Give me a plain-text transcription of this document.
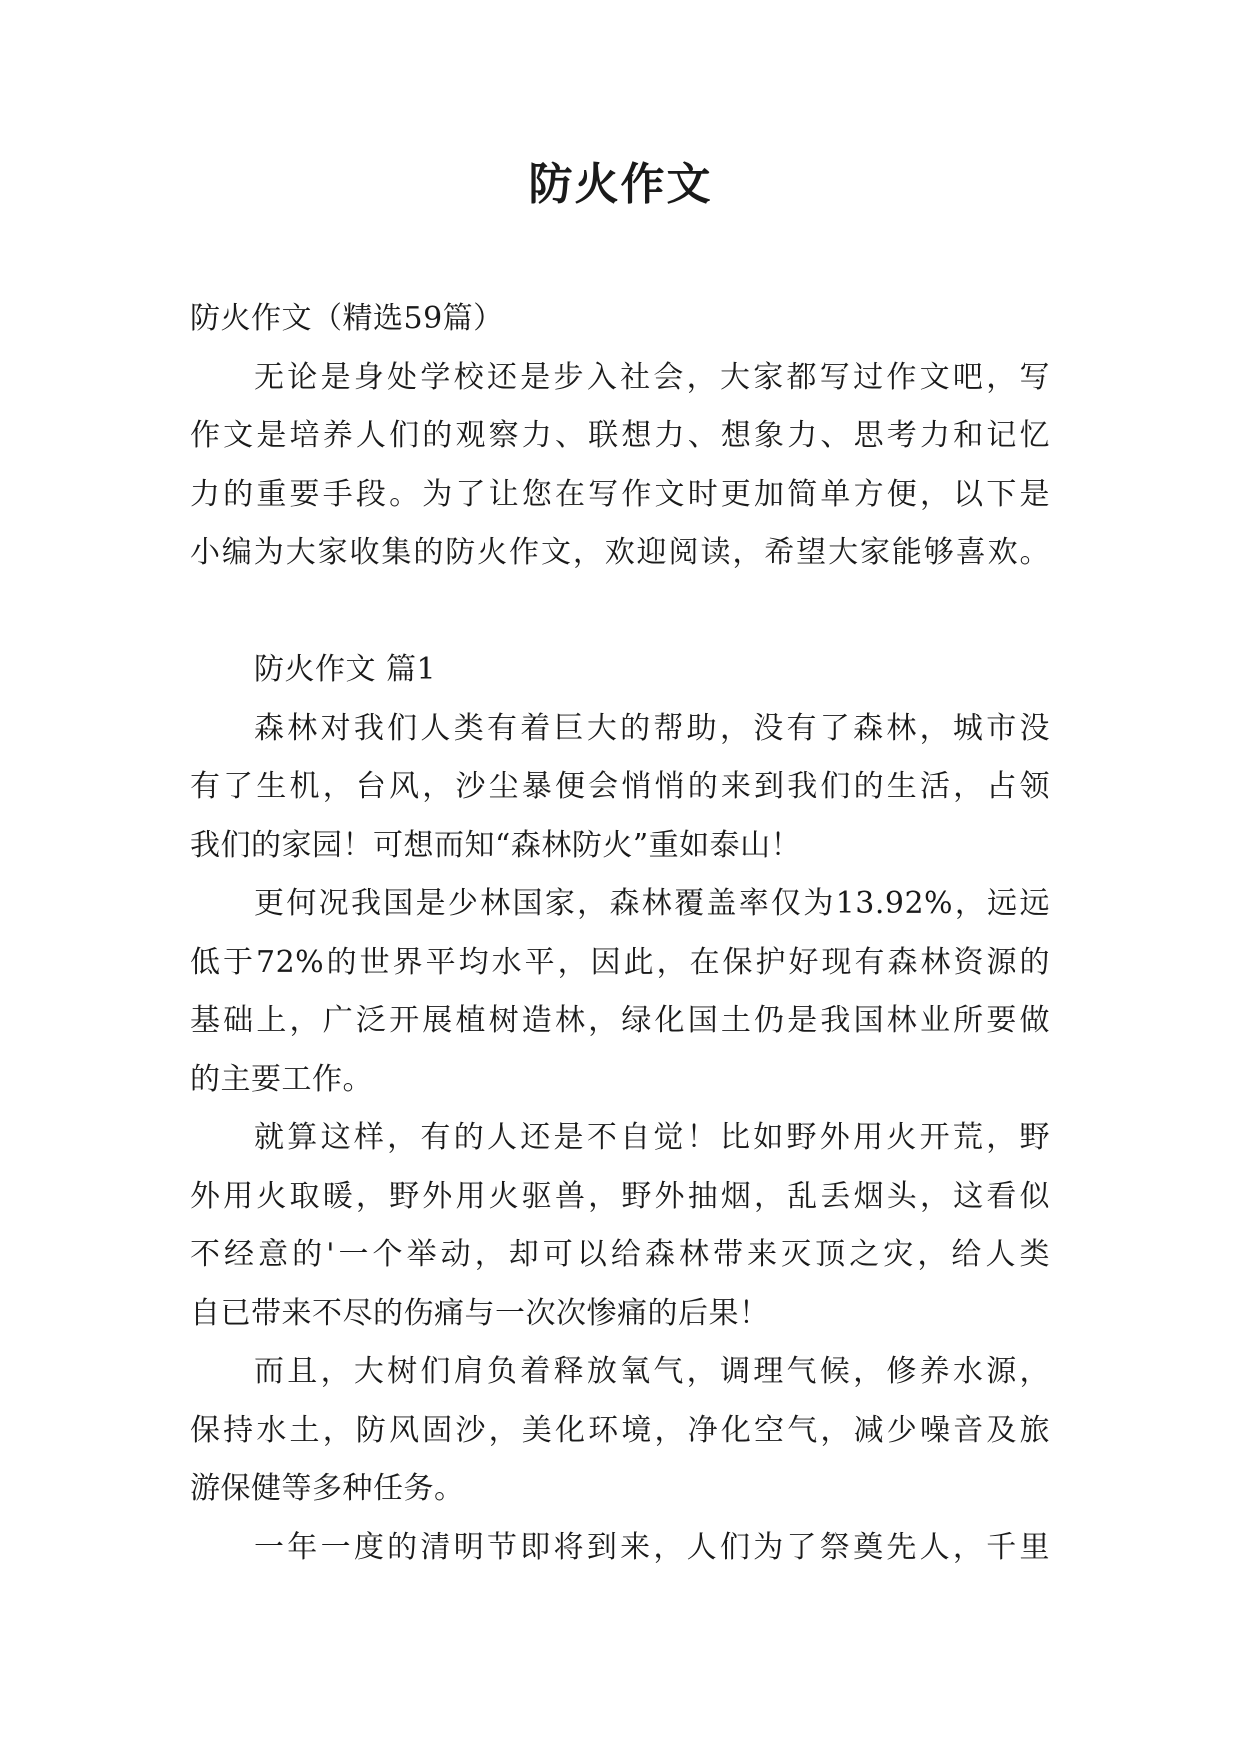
防火作文
防火作文（精选59篇）
无论是身处学校还是步入社会，大家都写过作文吧，写
作文是培养人们的观察力、联想力、想象力、思考力和记忆
力的重要手段。为了让您在写作文时更加简单方便，以下是
小编为大家收集的防火作文，欢迎阅读，希望大家能够喜欢。
防火作文 篇1
森林对我们人类有着巨大的帮助，没有了森林，城市没
有了生机，台风，沙尘暴便会悄悄的来到我们的生活，占领
我们的家园！可想而知“森林防火”重如泰山！
更何况我国是少林国家，森林覆盖率仅为13.92%，远远
低于72%的世界平均水平，因此，在保护好现有森林资源的
基础上，广泛开展植树造林，绿化国土仍是我国林业所要做
的主要工作。
就算这样，有的人还是不自觉！比如野外用火开荒，野
外用火取暖，野外用火驱兽，野外抽烟，乱丢烟头，这看似
不经意的'一个举动，却可以给森林带来灭顶之灾，给人类
自已带来不尽的伤痛与一次次惨痛的后果！
而且，大树们肩负着释放氧气，调理气候，修养水源，
保持水土，防风固沙，美化环境，净化空气，减少噪音及旅
游保健等多种任务。
一年一度的清明节即将到来，人们为了祭奠先人，千里
